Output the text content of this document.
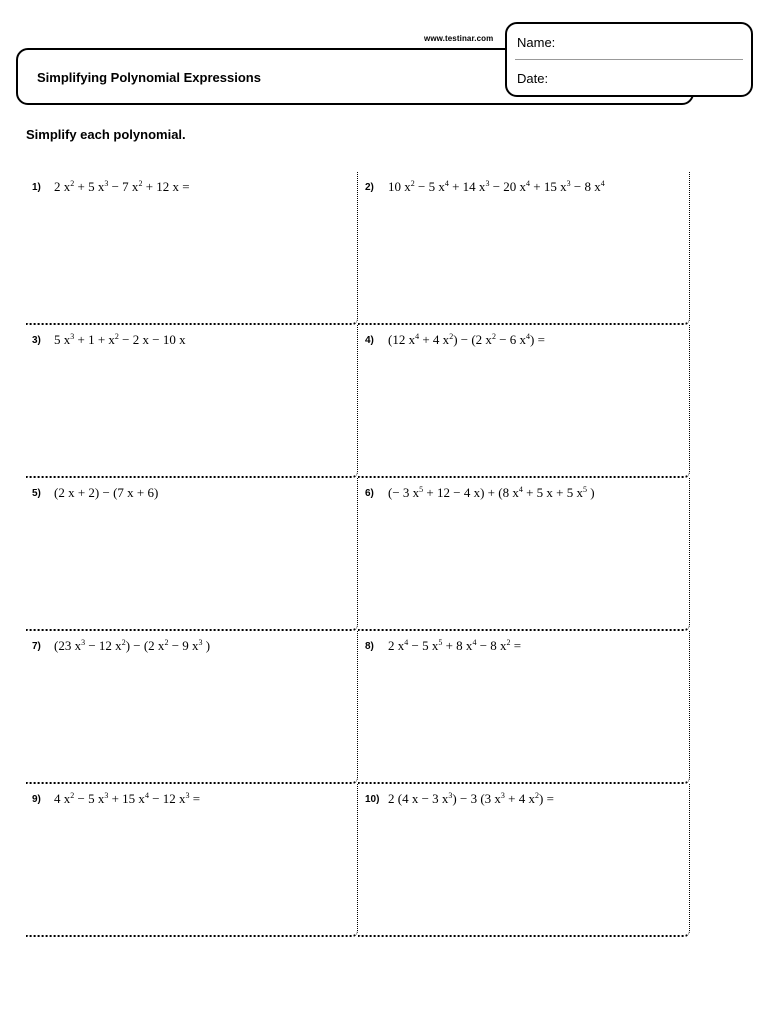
www.testinar.com
Simplifying Polynomial Expressions
Name:
Date:
Simplify each polynomial.
1) 2 $x^2 + 5$ $x^3 - 7$ $x^2 + 12$ x =	2) 10 $x^2 - 5$ $x^4 + 14$ $x^3 - 20$ $x^4 + 15$ $x^3 - 8$ $x^4$
3) 5 $x^3 + 1 + x^2 - 2$ x − 10 x	4) (12 $x^4 + 4$ $x^2) - (2$ $x^2 - 6$ $x^4$) =
5) (2 x + 2) − (7 x + 6)	6) (− 3 $x^5 + 12 - 4$ x) + (8 $x^4 + 5$ x + 5 $x^5$ )
7) (23 $x^3 - 12$ $x^2) - (2$ $x^2 - 9$ $x^3$ )	8) 2 $x^4 - 5$ $x^5 + 8$ $x^4 - 8$ $x^2$ =
9) 4 $x^2 - 5$ $x^3 + 15$ $x^4 - 12$ $x^3$ =	10) 2 (4 x − 3 $x^3) - 3$ (3 $x^3 + 4$ $x^2$) =
